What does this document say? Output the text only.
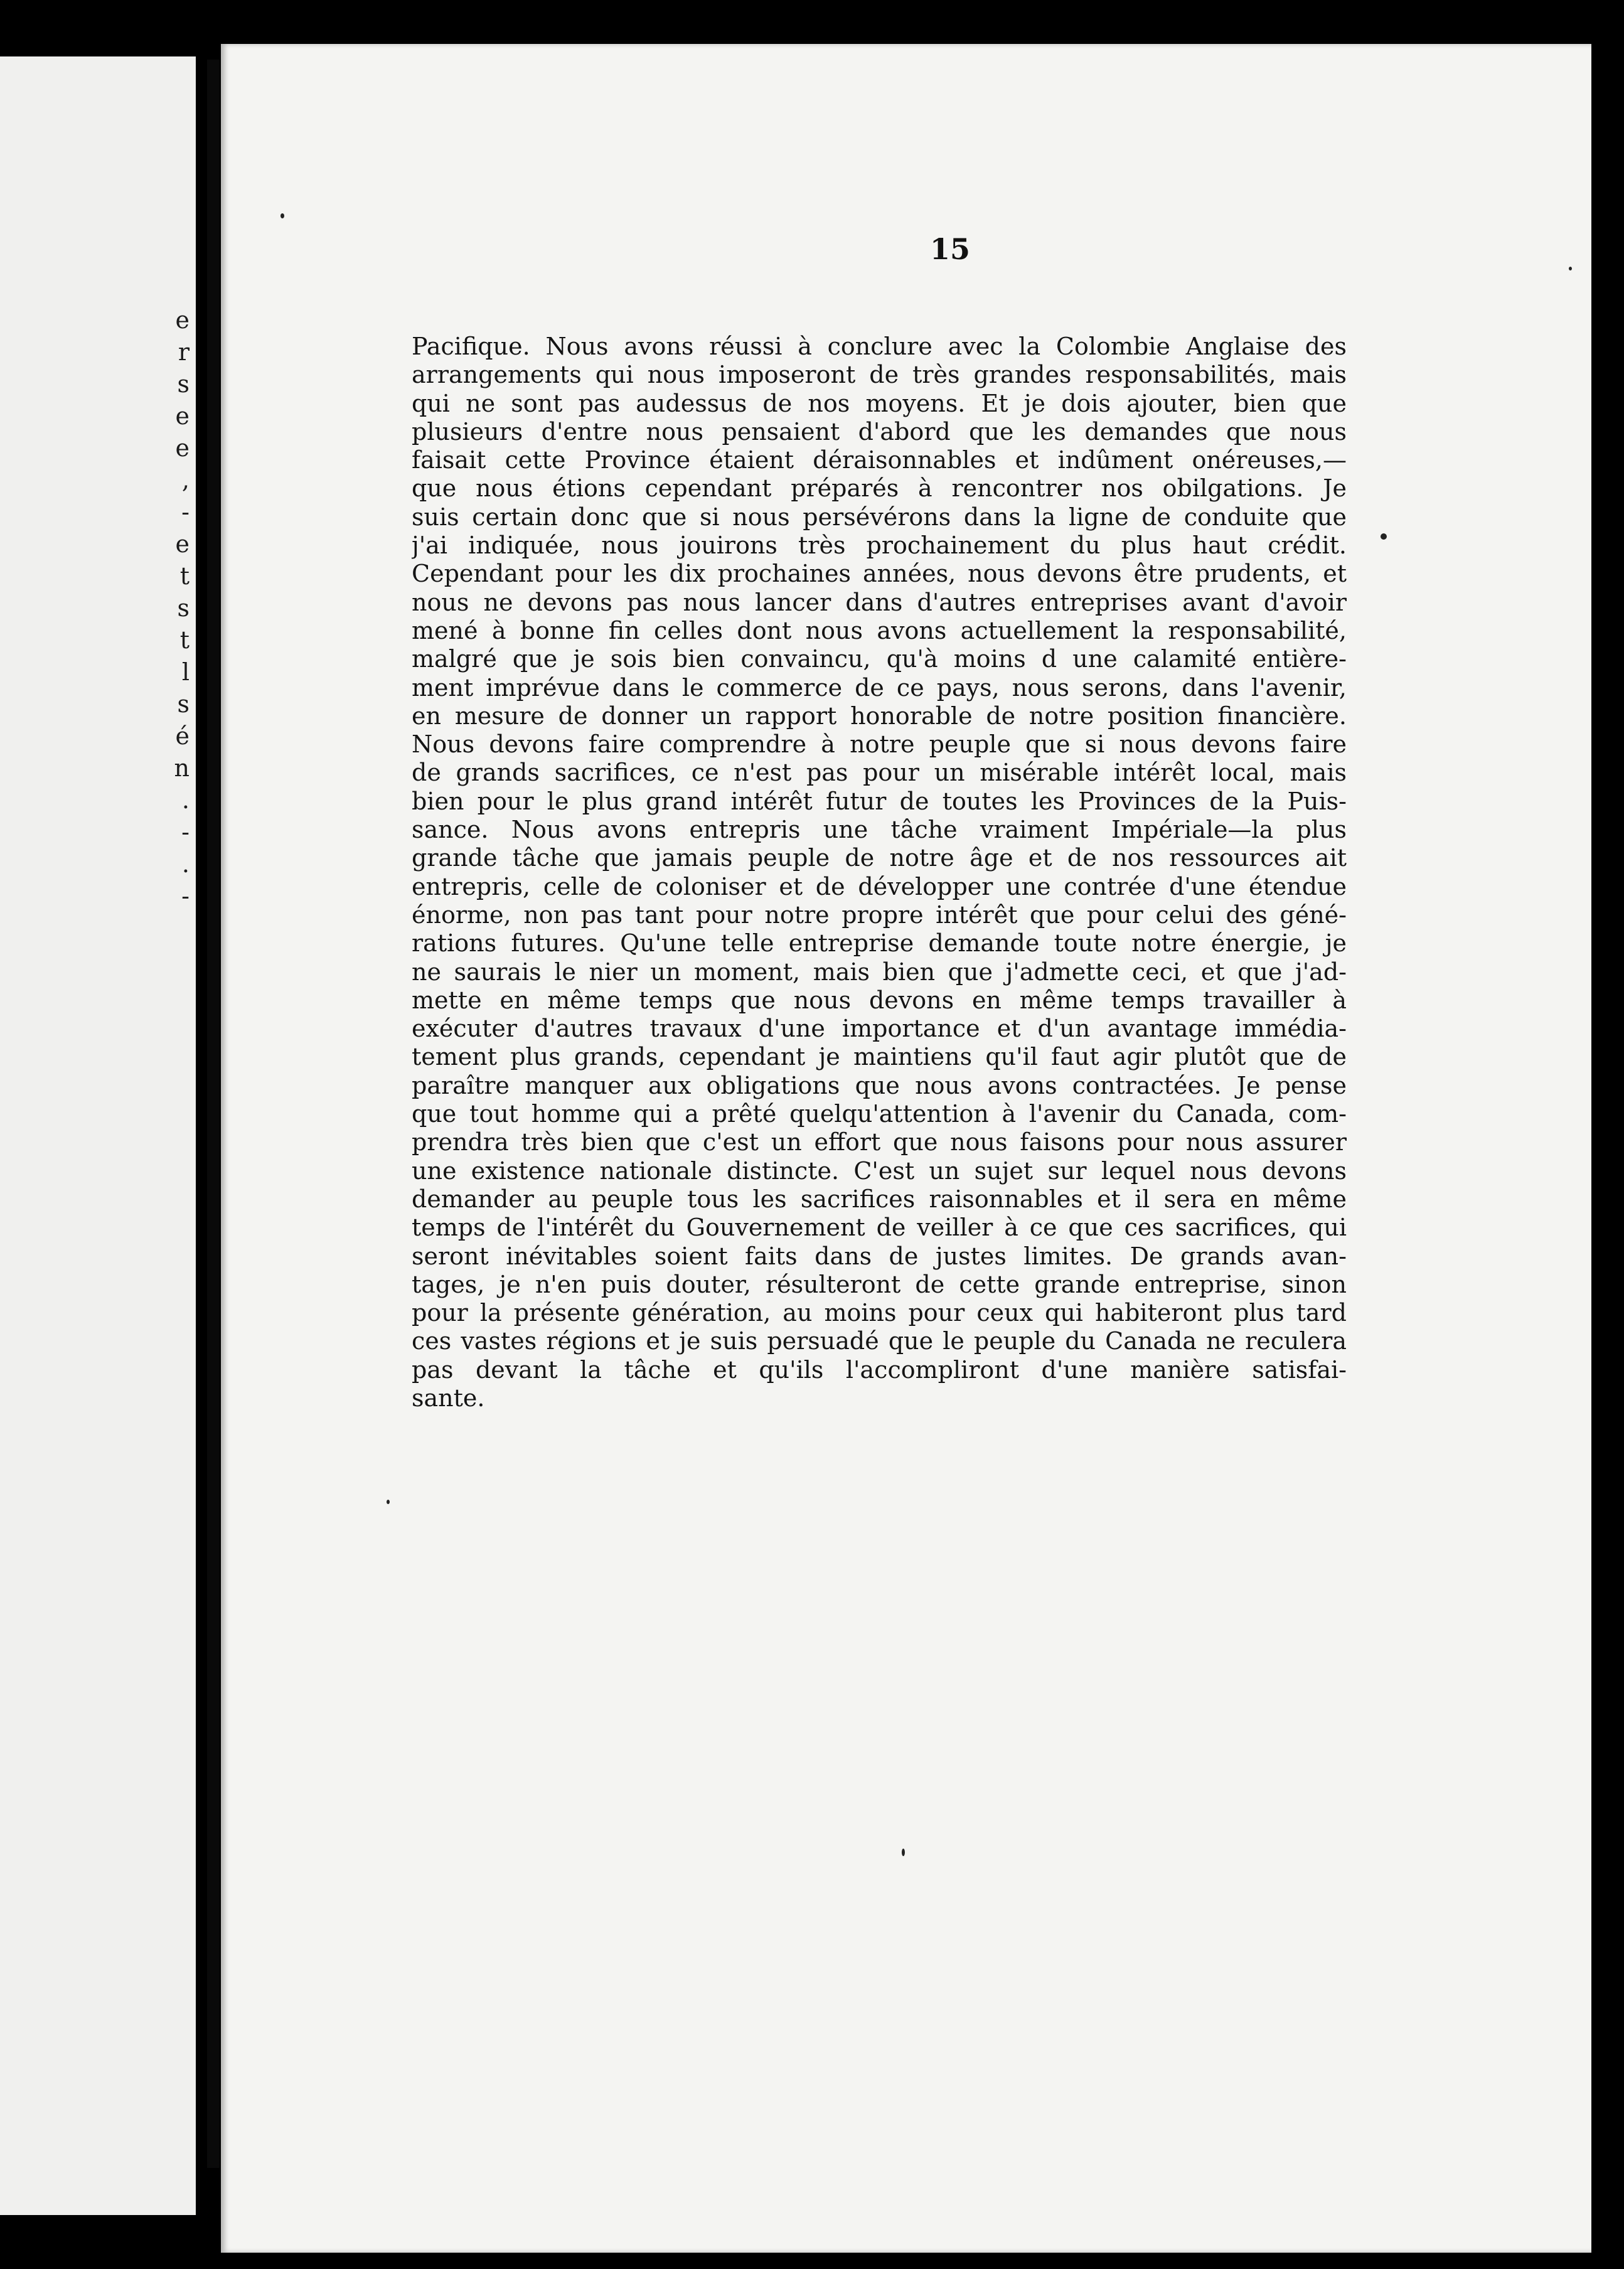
e
r
s
e
e
,
-
e
t
s
t
l
s
é
n
.
-
.
-
15
Pacifique. Nous avons réussi à conclure avec la Colombie Anglaise des
arrangements qui nous imposeront de très grandes responsabilités, mais
qui ne sont pas audessus de nos moyens. Et je dois ajouter, bien que
plusieurs d'entre nous pensaient d'abord que les demandes que nous
faisait cette Province étaient déraisonnables et indûment onéreuses,—
que nous étions cependant préparés à rencontrer nos obilgations. Je
suis certain donc que si nous persévérons dans la ligne de conduite que
j'ai indiquée, nous jouirons très prochainement du plus haut crédit.
Cependant pour les dix prochaines années, nous devons être prudents, et
nous ne devons pas nous lancer dans d'autres entreprises avant d'avoir
mené à bonne fin celles dont nous avons actuellement la responsabilité,
malgré que je sois bien convaincu, qu'à moins d une calamité entière-
ment imprévue dans le commerce de ce pays, nous serons, dans l'avenir,
en mesure de donner un rapport honorable de notre position financière.
Nous devons faire comprendre à notre peuple que si nous devons faire
de grands sacrifices, ce n'est pas pour un misérable intérêt local, mais
bien pour le plus grand intérêt futur de toutes les Provinces de la Puis-
sance. Nous avons entrepris une tâche vraiment Impériale—la plus
grande tâche que jamais peuple de notre âge et de nos ressources ait
entrepris, celle de coloniser et de développer une contrée d'une étendue
énorme, non pas tant pour notre propre intérêt que pour celui des géné-
rations futures. Qu'une telle entreprise demande toute notre énergie, je
ne saurais le nier un moment, mais bien que j'admette ceci, et que j'ad-
mette en même temps que nous devons en même temps travailler à
exécuter d'autres travaux d'une importance et d'un avantage immédia-
tement plus grands, cependant je maintiens qu'il faut agir plutôt que de
paraître manquer aux obligations que nous avons contractées. Je pense
que tout homme qui a prêté quelqu'attention à l'avenir du Canada, com-
prendra très bien que c'est un effort que nous faisons pour nous assurer
une existence nationale distincte. C'est un sujet sur lequel nous devons
demander au peuple tous les sacrifices raisonnables et il sera en même
temps de l'intérêt du Gouvernement de veiller à ce que ces sacrifices, qui
seront inévitables soient faits dans de justes limites. De grands avan-
tages, je n'en puis douter, résulteront de cette grande entreprise, sinon
pour la présente génération, au moins pour ceux qui habiteront plus tard
ces vastes régions et je suis persuadé que le peuple du Canada ne reculera
pas devant la tâche et qu'ils l'accompliront d'une manière satisfai-
sante.
